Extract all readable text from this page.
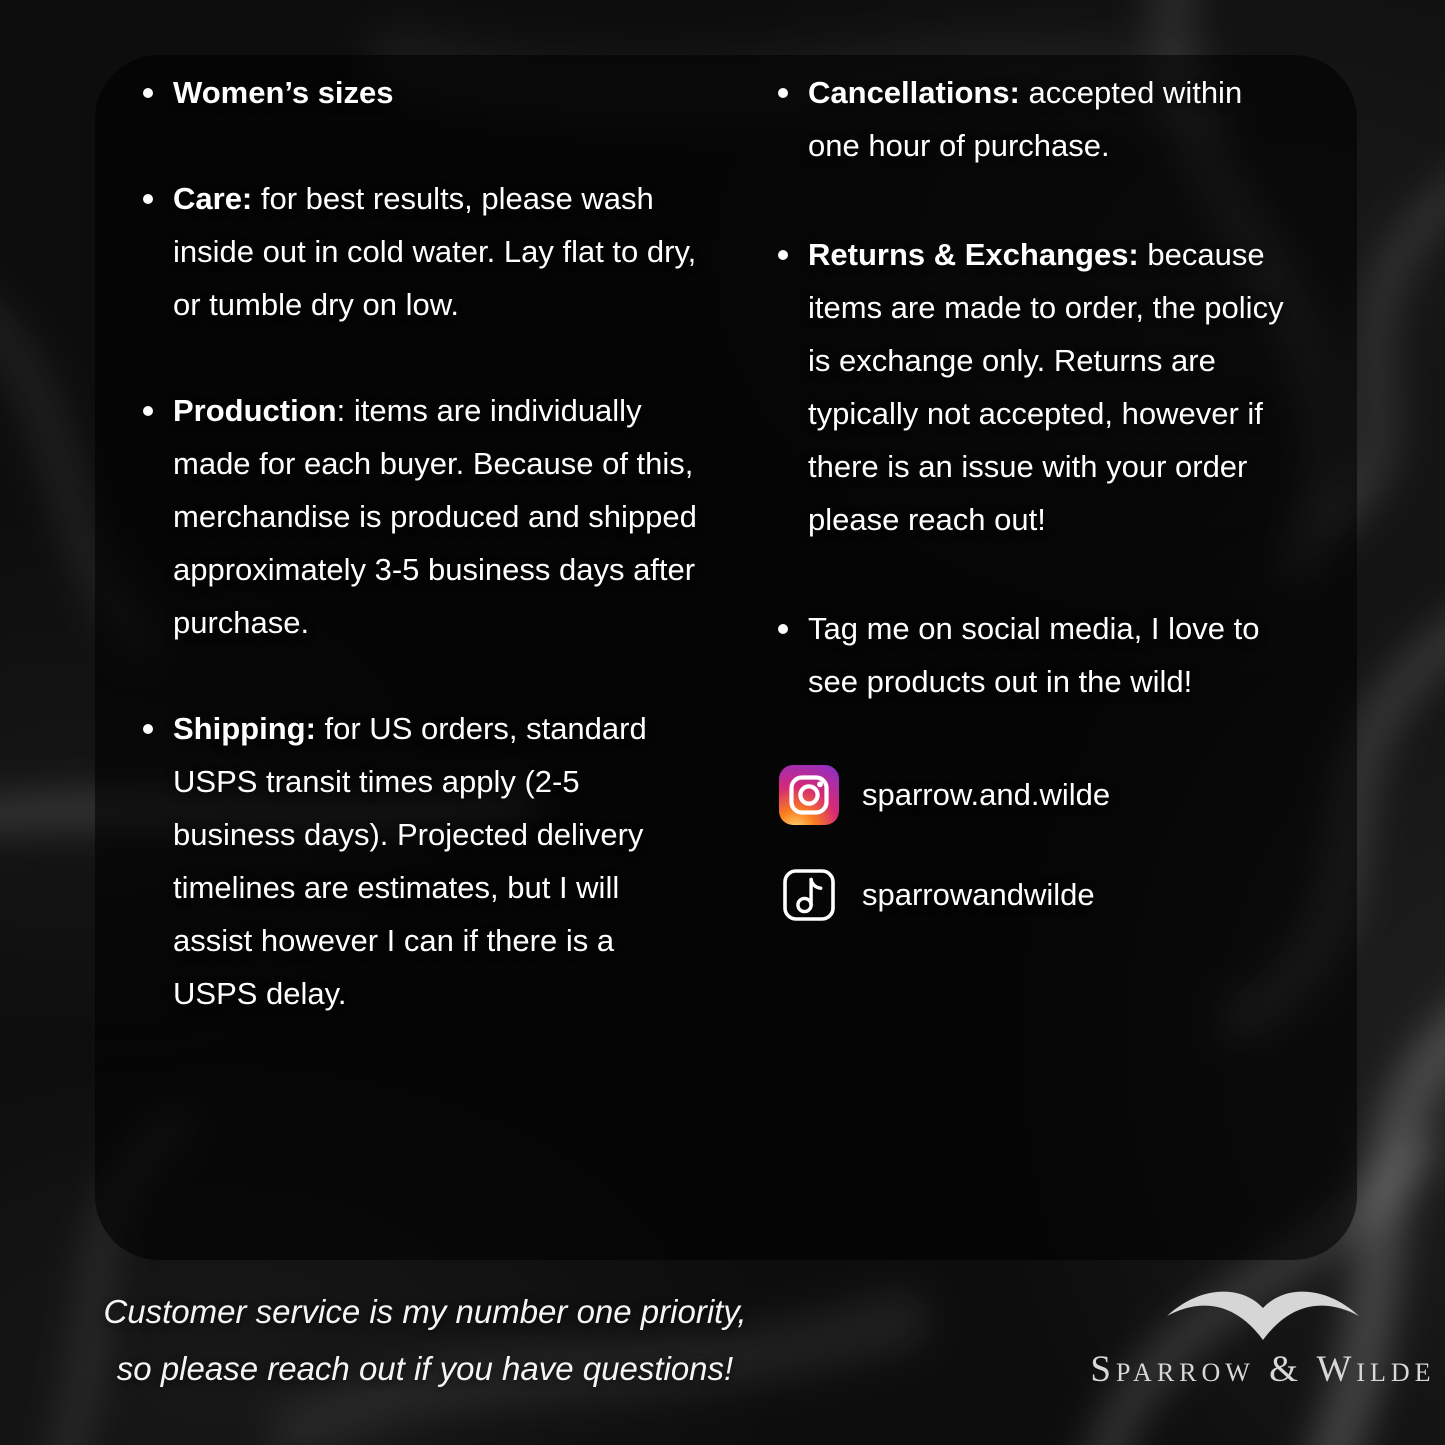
Women’s sizes

Care: for best results, please wash inside out in cold water. Lay flat to dry, or tumble dry on low.

Production: items are individually made for each buyer. Because of this, merchandise is produced and shipped approximately 3-5 business days after purchase.

Shipping: for US orders, standard USPS transit times apply (2-5 business days). Projected delivery timelines are estimates, but I will assist however I can if there is a USPS delay.

Cancellations: accepted within one hour of purchase.

Returns & Exchanges: because items are made to order, the policy is exchange only. Returns are typically not accepted, however if there is an issue with your order please reach out!

Tag me on social media, I love to see products out in the wild!

sparrow.and.wilde
sparrowandwilde
Customer service is my number one priority,
so please reach out if you have questions!	Sparrow & Wilde
